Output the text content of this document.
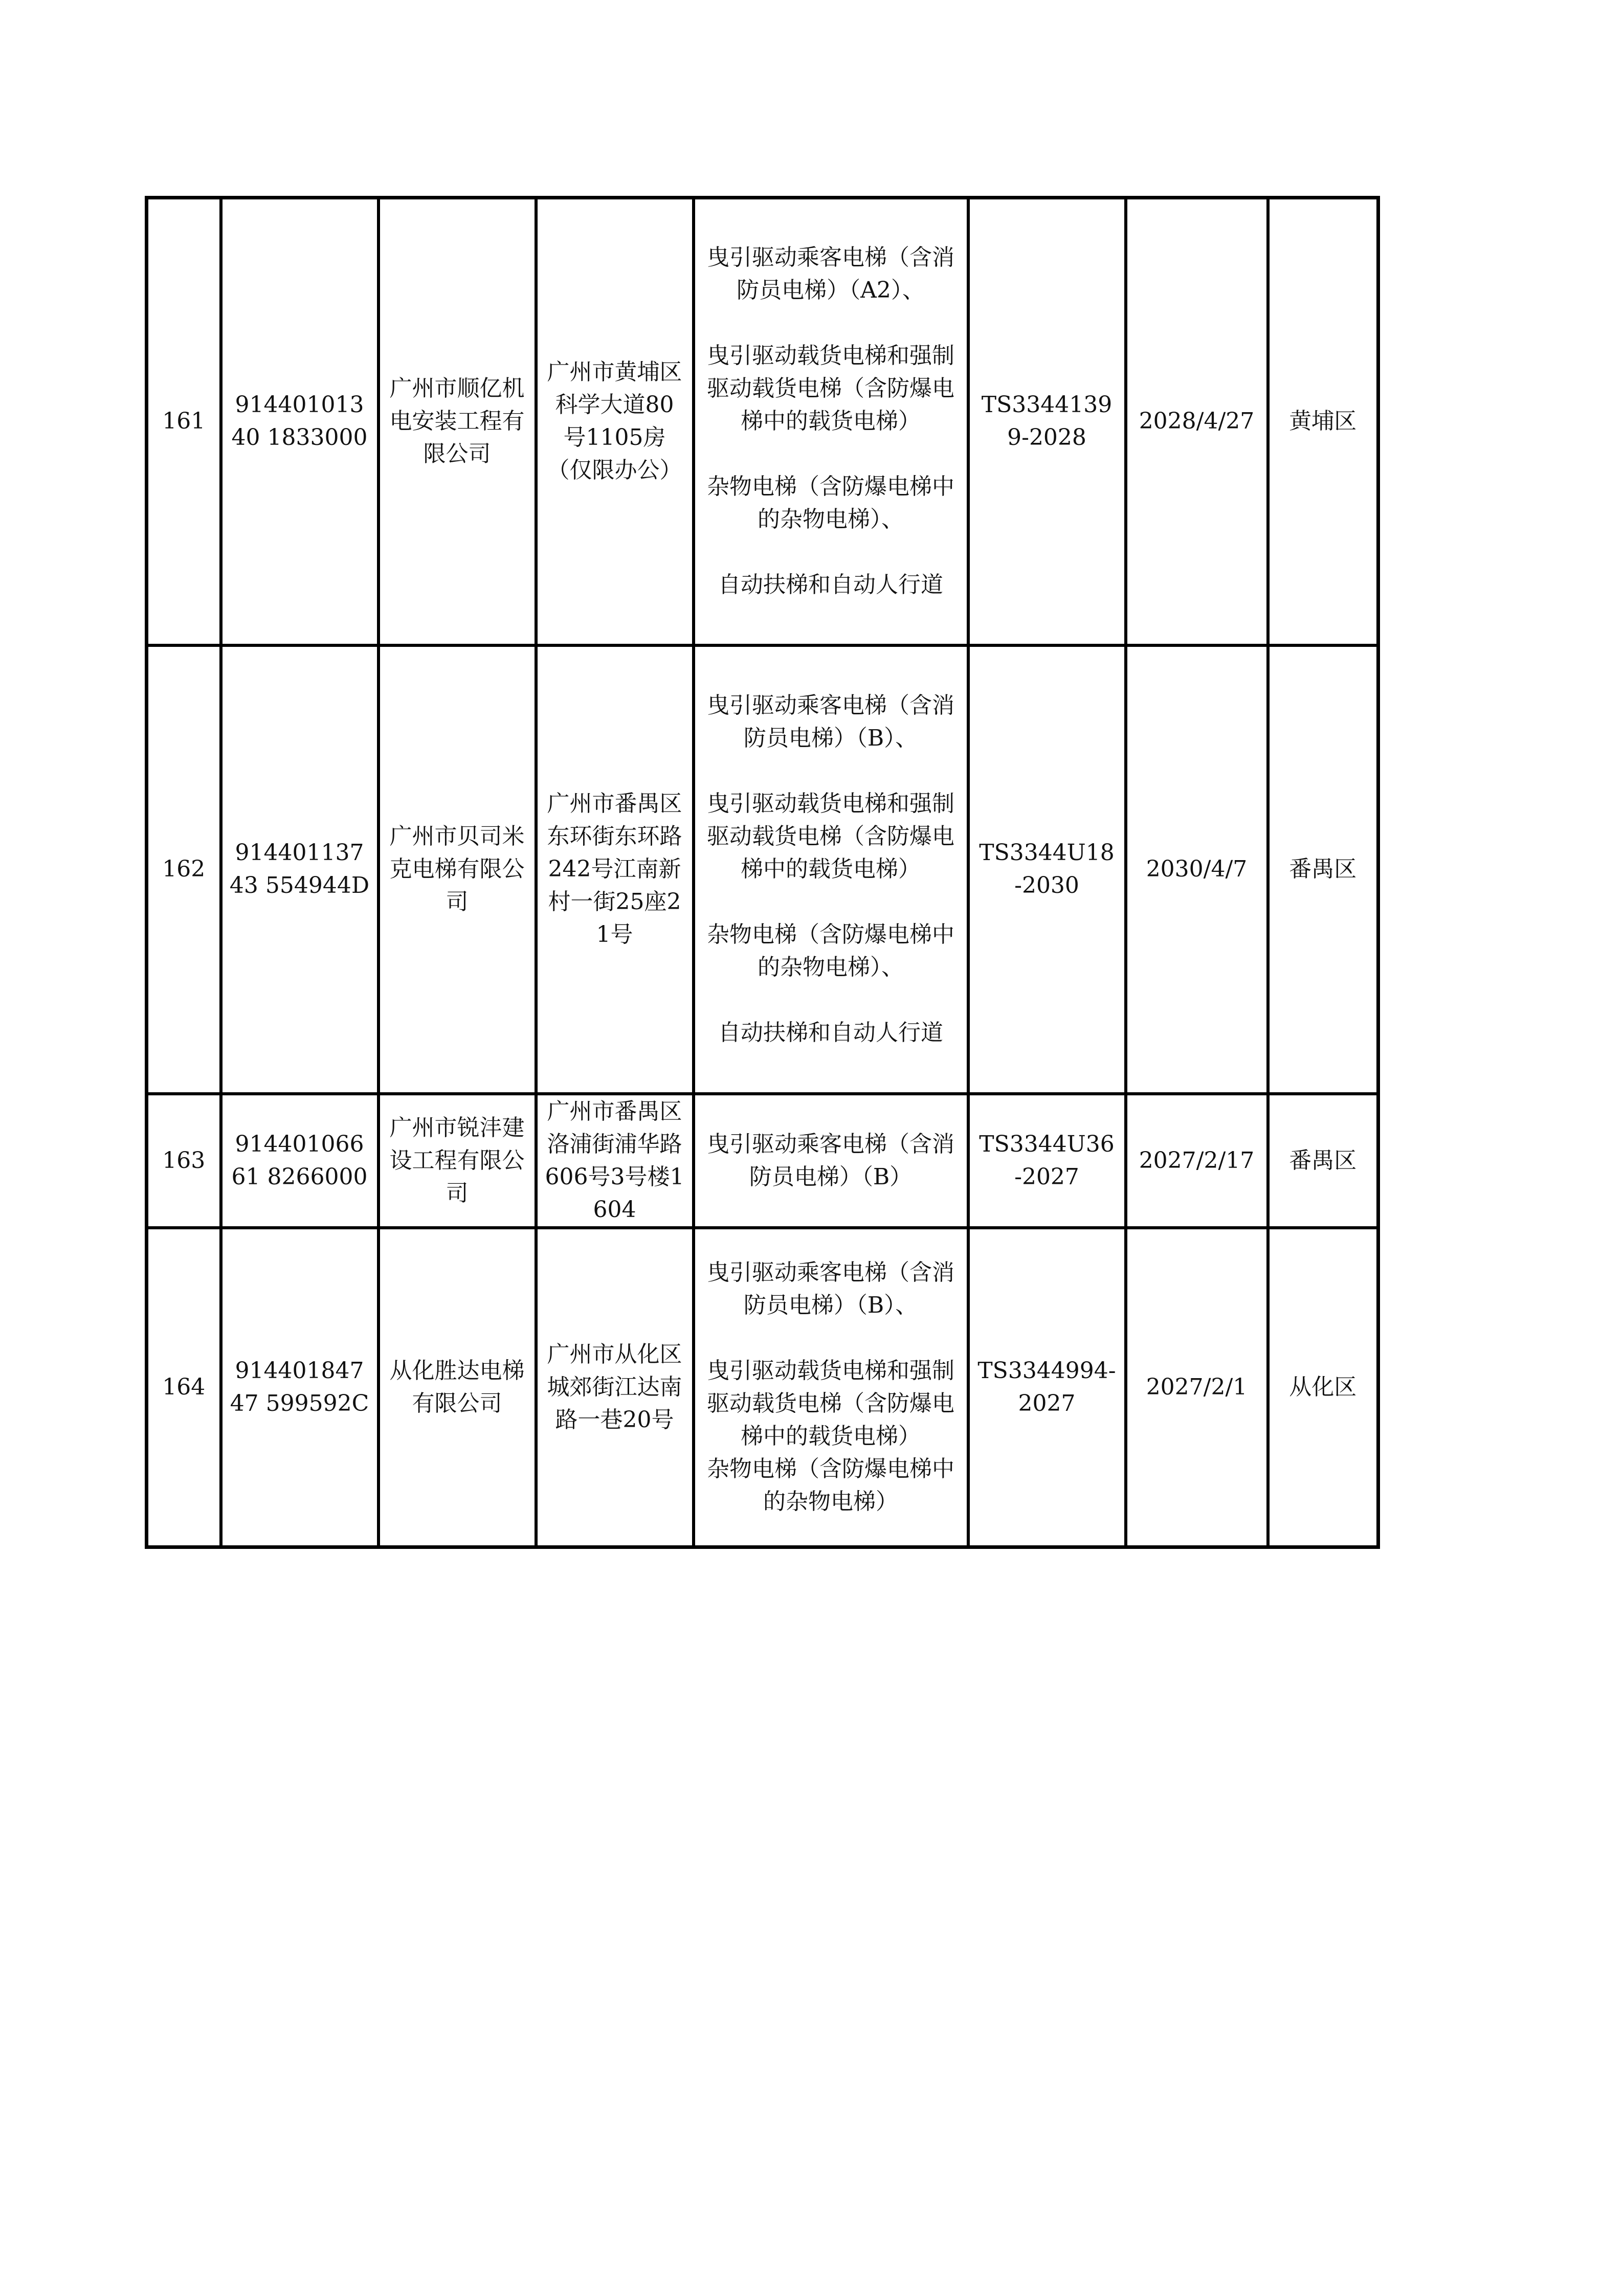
161	91440101340 1833000	广州市顺亿机电安装工程有限公司	广州市黄埔区科学大道80号1105房（仅限办公）	曳引驱动乘客电梯（含消防员电梯）（A2）、
曳引驱动载货电梯和强制驱动载货电梯（含防爆电梯中的载货电梯）
杂物电梯（含防爆电梯中的杂物电梯）、
自动扶梯和自动人行道	TS33441399-2028	2028/4/27	黄埔区
162	91440113743 554944D	广州市贝司米克电梯有限公司	广州市番禺区东环街东环路242号江南新村一街25座21号	曳引驱动乘客电梯（含消防员电梯）（B）、
曳引驱动载货电梯和强制驱动载货电梯（含防爆电梯中的载货电梯）
杂物电梯（含防爆电梯中的杂物电梯）、
自动扶梯和自动人行道	TS3344U18-2030	2030/4/7	番禺区
163	91440106661 8266000	广州市锐沣建设工程有限公司	广州市番禺区洛浦街浦华路606号3号楼1604	曳引驱动乘客电梯（含消防员电梯）（B）	TS3344U36-2027	2027/2/17	番禺区
164	91440184747 599592C	从化胜达电梯有限公司	广州市从化区城郊街江达南路一巷20号	曳引驱动乘客电梯（含消防员电梯）（B）、
曳引驱动载货电梯和强制驱动载货电梯（含防爆电梯中的载货电梯）
杂物电梯（含防爆电梯中的杂物电梯）	TS3344994-2027	2027/2/1	从化区
